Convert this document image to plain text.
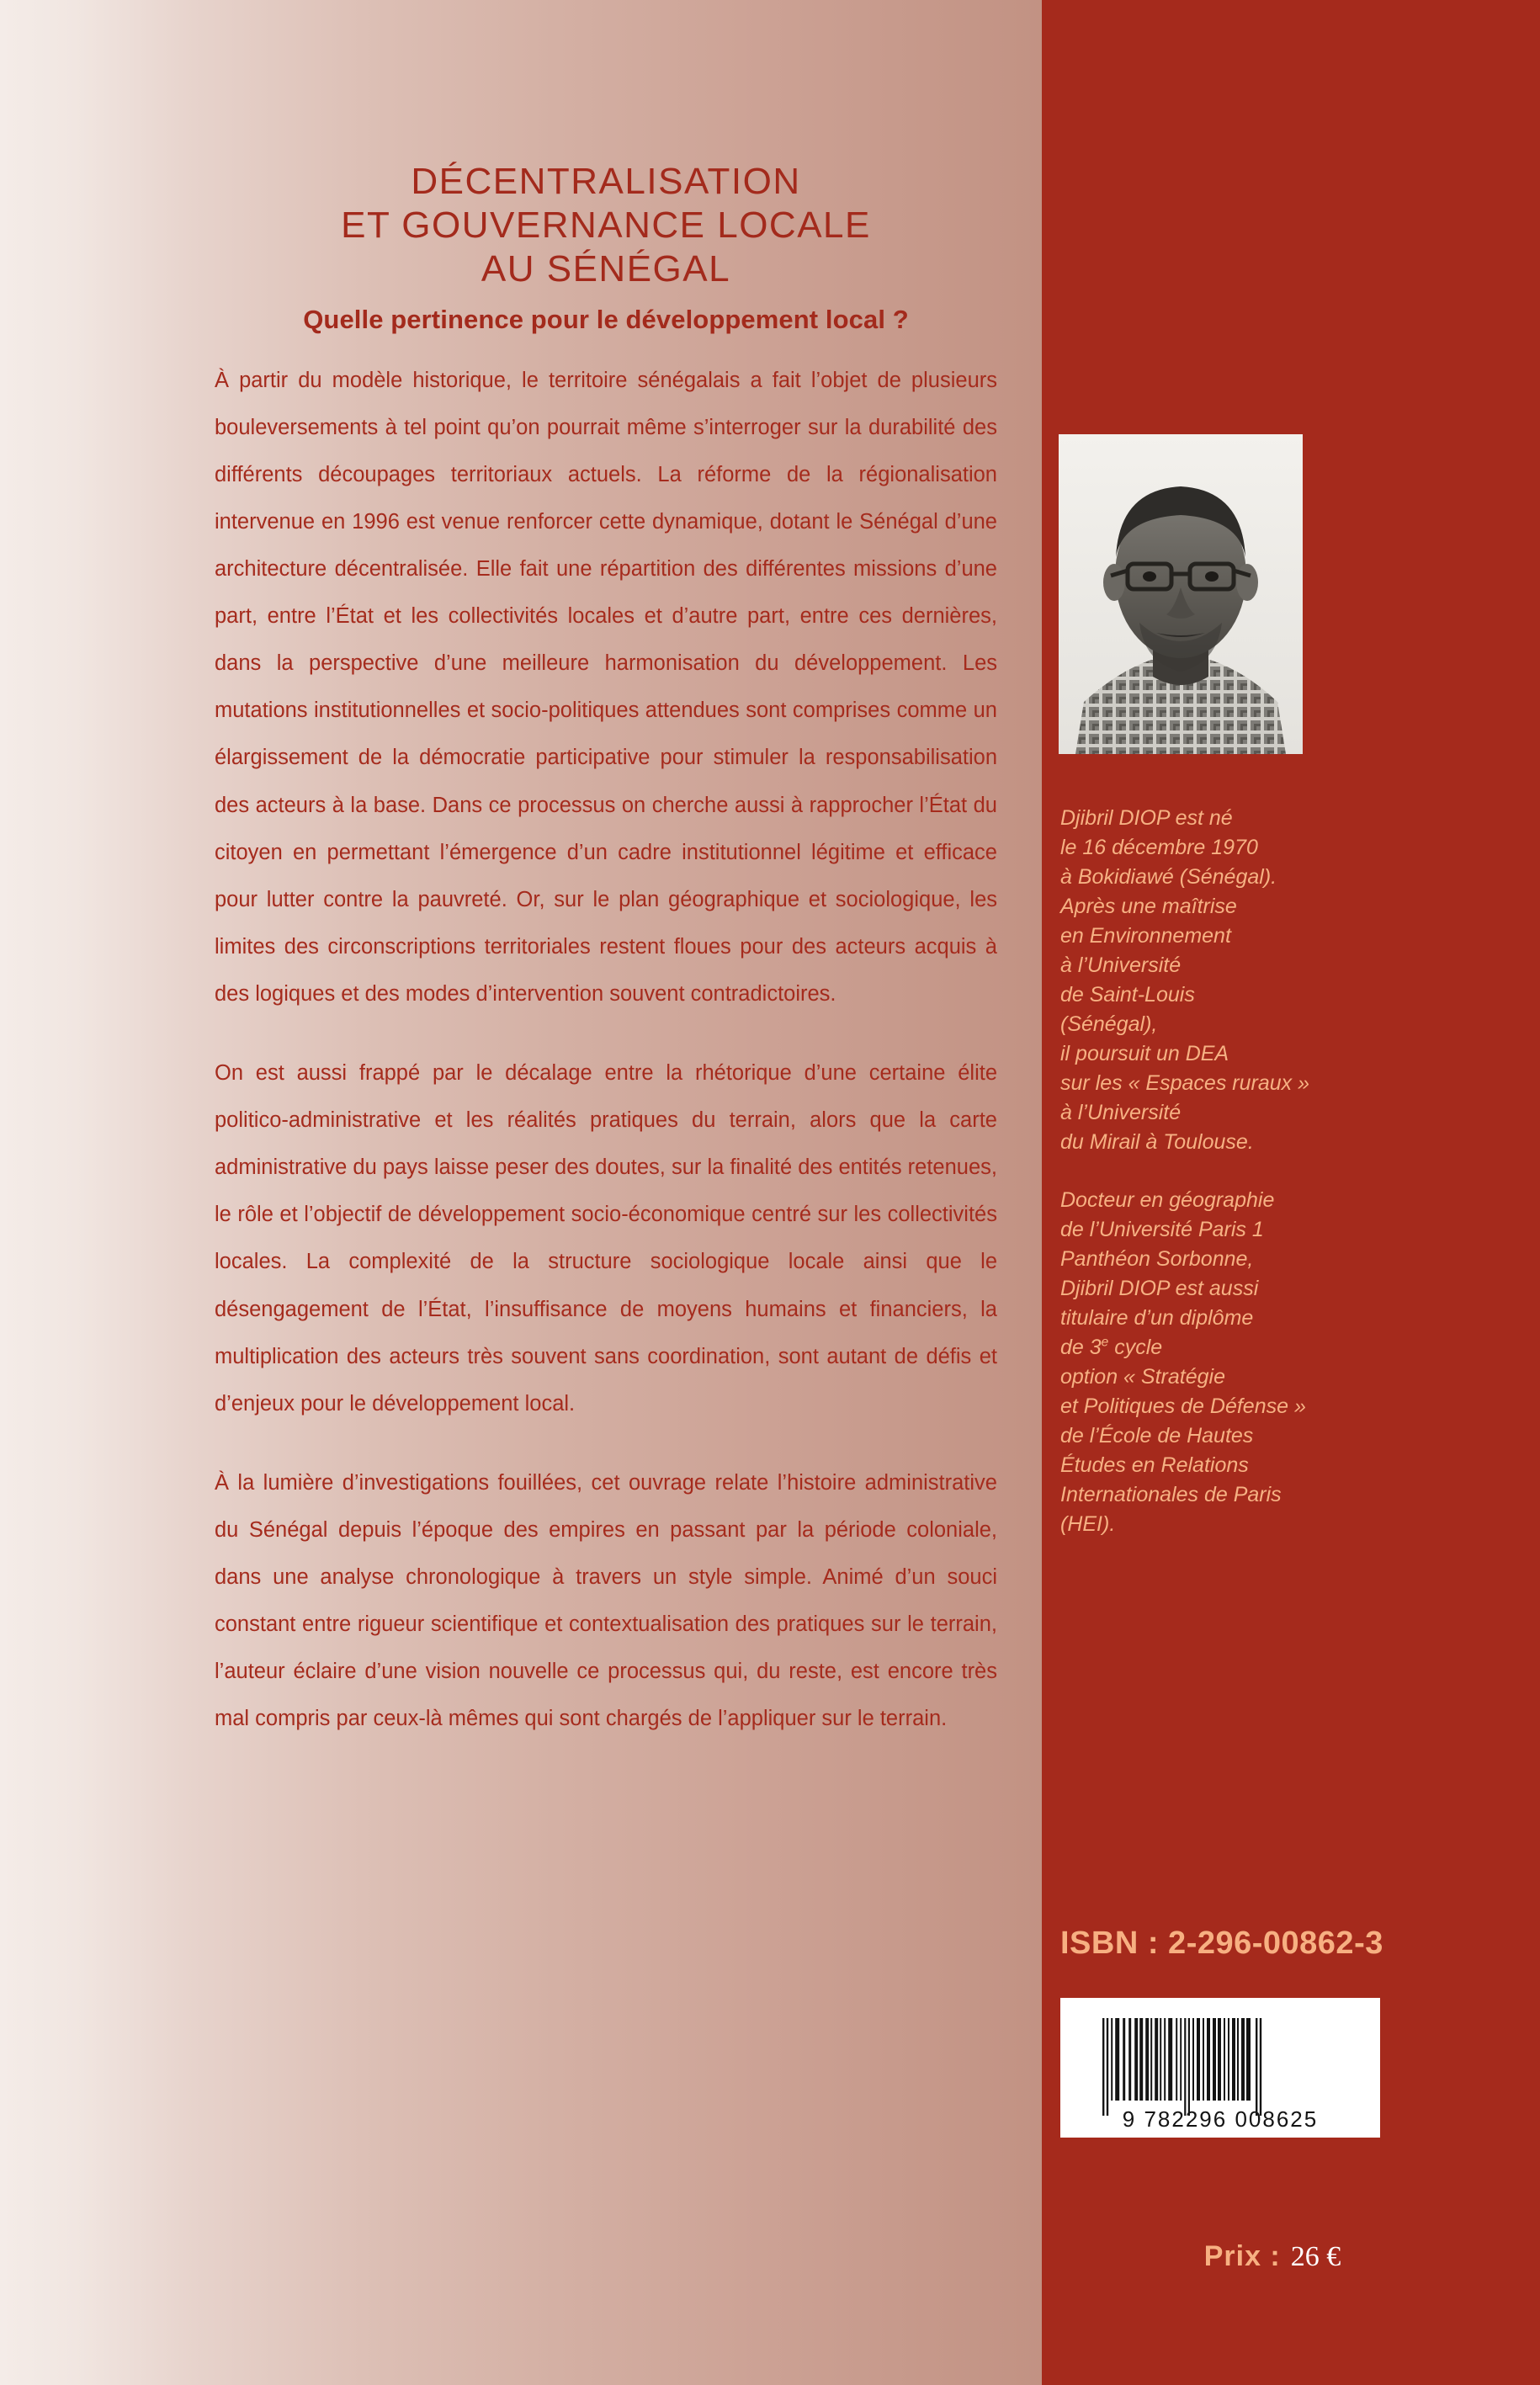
DÉCENTRALISATION
ET GOUVERNANCE LOCALE
AU SÉNÉGAL
Quelle pertinence pour le développement local ?

À partir du modèle historique, le territoire sénégalais a fait l’objet de plusieurs bouleversements à tel point qu’on pourrait même s’interroger sur la durabilité des différents découpages territoriaux actuels. La réforme de la régionalisation intervenue en 1996 est venue renforcer cette dynamique, dotant le Sénégal d’une architecture décentralisée. Elle fait une répartition des différentes missions d’une part, entre l’État et les collectivités locales et d’autre part, entre ces dernières, dans la perspective d’une meilleure harmonisation du développement. Les mutations institutionnelles et socio-politiques attendues sont comprises comme un élargissement de la démocratie participative pour stimuler la responsabilisation des acteurs à la base. Dans ce processus on cherche aussi à rapprocher l’État du citoyen en permettant l’émergence d’un cadre institutionnel légitime et efficace pour lutter contre la pauvreté. Or, sur le plan géographique et sociologique, les limites des circonscriptions territoriales restent floues pour des acteurs acquis à des logiques et des modes d’intervention souvent contradictoires.

On est aussi frappé par le décalage entre la rhétorique d’une certaine élite politico-administrative et les réalités pratiques du terrain, alors que la carte administrative du pays laisse peser des doutes, sur la finalité des entités retenues, le rôle et l’objectif de développement socio-économique centré sur les collectivités locales. La complexité de la structure sociologique locale ainsi que le désengagement de l’État, l’insuffisance de moyens humains et financiers, la multiplication des acteurs très souvent sans coordination, sont autant de défis et d’enjeux pour le développement local.

À la lumière d’investigations fouillées, cet ouvrage relate l’histoire administrative du Sénégal depuis l’époque des empires en passant par la période coloniale, dans une analyse chronologique à travers un style simple. Animé d’un souci constant entre rigueur scientifique et contextualisation des pratiques sur le terrain, l’auteur éclaire d’une vision nouvelle ce processus qui, du reste, est encore très mal compris par ceux-là mêmes qui sont chargés de l’appliquer sur le terrain.

Djibril DIOP est né
le 16 décembre 1970
à Bokidiawé (Sénégal).
Après une maîtrise
en Environnement
à l’Université
de Saint-Louis
(Sénégal),
il poursuit un DEA
sur les « Espaces ruraux »
à l’Université
du Mirail à Toulouse.

Docteur en géographie
de l’Université Paris 1
Panthéon Sorbonne,
Djibril DIOP est aussi
titulaire d’un diplôme
de 3e cycle
option « Stratégie
et Politiques de Défense »
de l’École de Hautes
Études en Relations
Internationales de Paris
(HEI).

ISBN : 2-296-00862-3
9 782296 008625
Prix : 26 €
